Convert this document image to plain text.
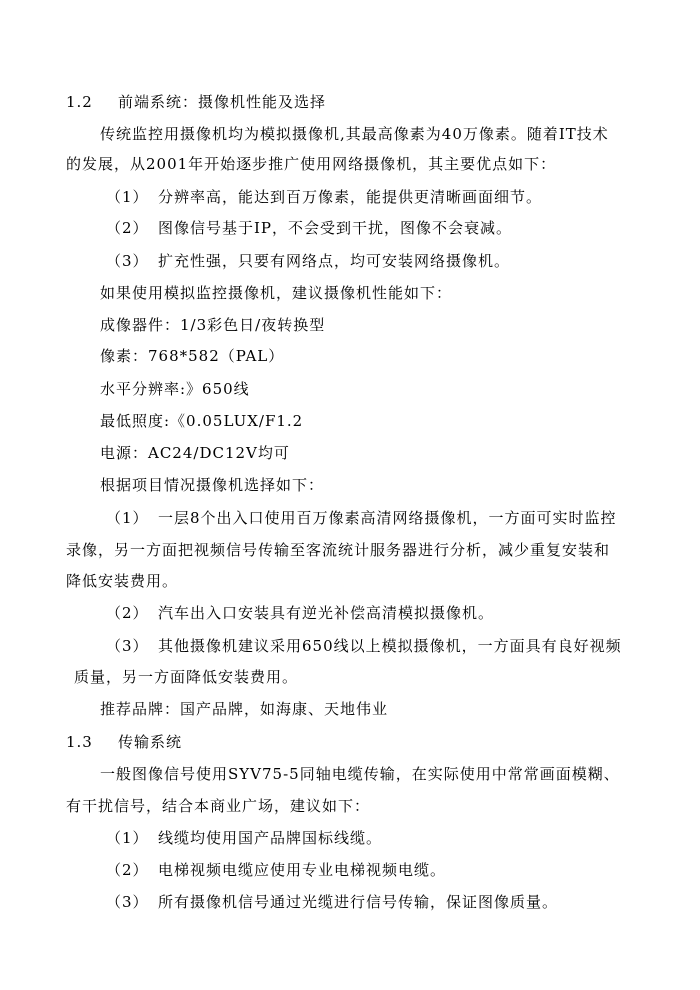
1.2 前端系统：摄像机性能及选择
传统监控用摄像机均为模拟摄像机,其最高像素为40万像素。随着IT技术
的发展，从2001年开始逐步推广使用网络摄像机，其主要优点如下：
（1） 分辨率高，能达到百万像素，能提供更清晰画面细节。
（2） 图像信号基于IP，不会受到干扰，图像不会衰减。
（3） 扩充性强，只要有网络点，均可安装网络摄像机。
如果使用模拟监控摄像机，建议摄像机性能如下：
成像器件：1/3彩色日/夜转换型
像素：768*582（PAL）
水平分辨率:》650线
最低照度:《0.05LUX/F1.2
电源：AC24/DC12V均可
根据项目情况摄像机选择如下：
（1） 一层8个出入口使用百万像素高清网络摄像机，一方面可实时监控
录像，另一方面把视频信号传输至客流统计服务器进行分析，减少重复安装和
降低安装费用。
（2） 汽车出入口安装具有逆光补偿高清模拟摄像机。
（3） 其他摄像机建议采用650线以上模拟摄像机，一方面具有良好视频
质量，另一方面降低安装费用。
推荐品牌：国产品牌，如海康、天地伟业
1.3 传输系统
一般图像信号使用SYV75-5同轴电缆传输，在实际使用中常常画面模糊、
有干扰信号，结合本商业广场，建议如下：
（1） 线缆均使用国产品牌国标线缆。
（2） 电梯视频电缆应使用专业电梯视频电缆。
（3） 所有摄像机信号通过光缆进行信号传输，保证图像质量。
